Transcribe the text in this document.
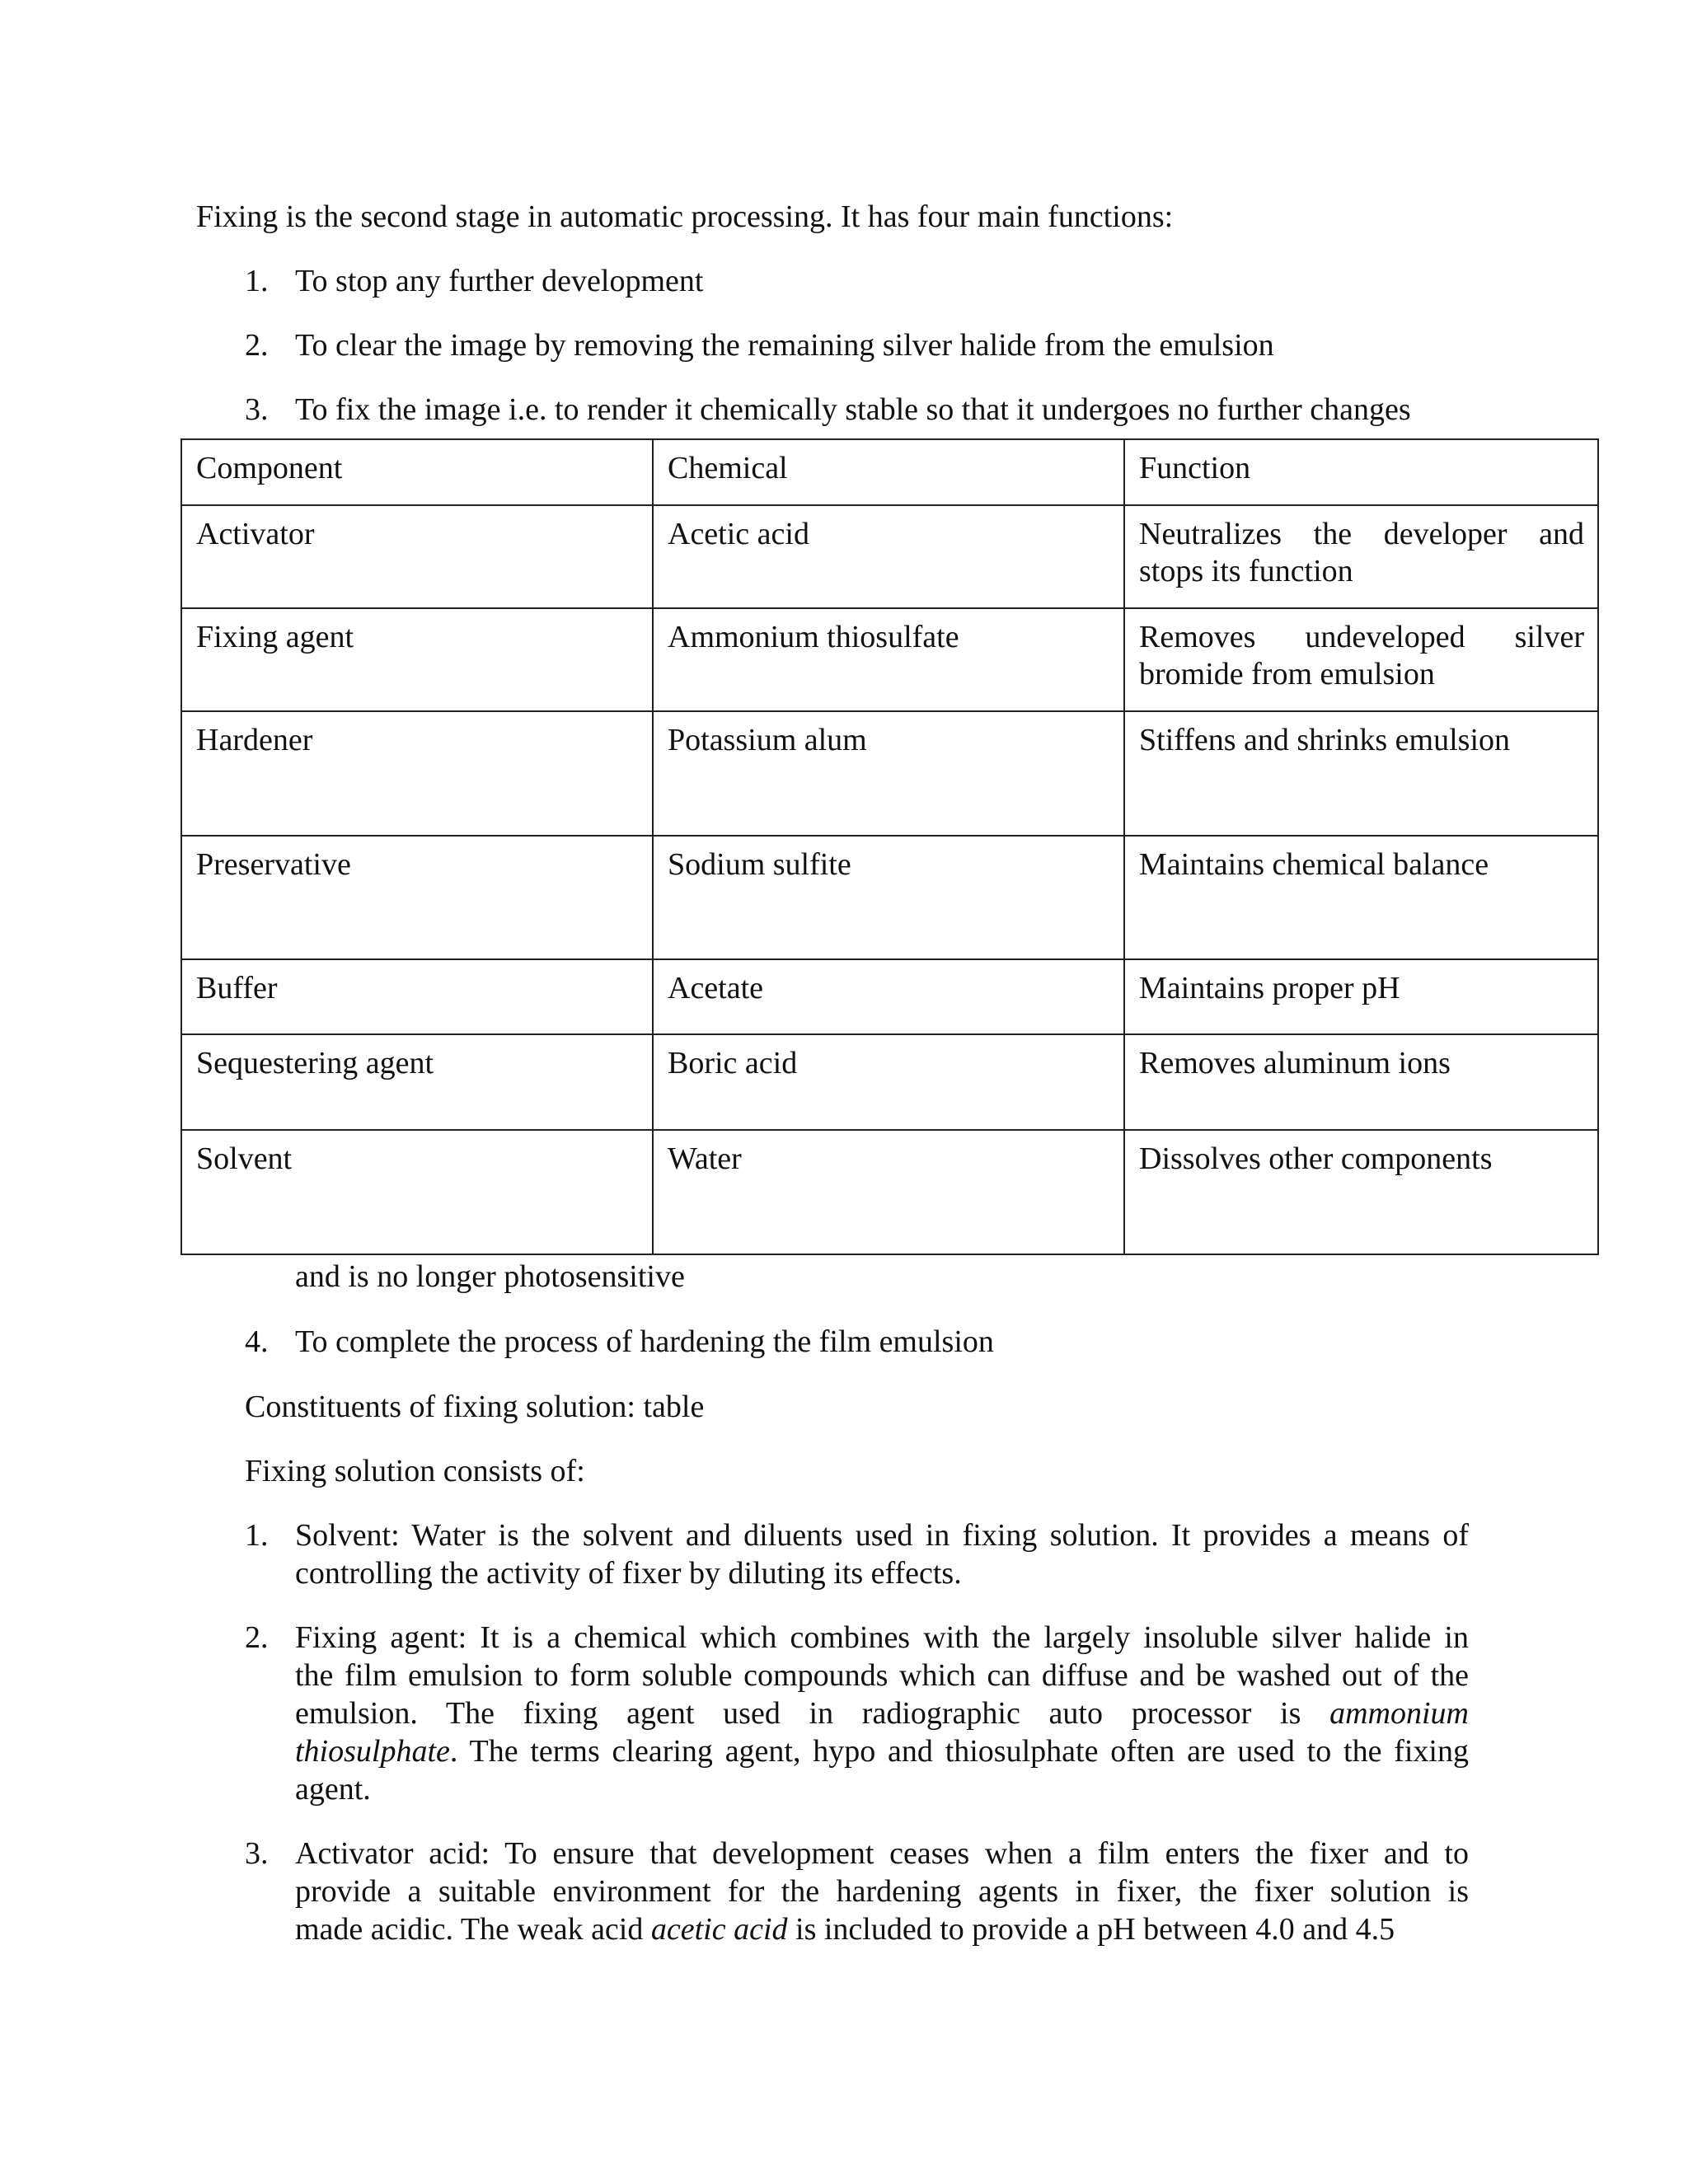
Fixing is the second stage in automatic processing. It has four main functions:
1. To stop any further development
2. To clear the image by removing the remaining silver halide from the emulsion
3. To fix the image i.e. to render it chemically stable so that it undergoes no further changes
Component	Chemical	Function
Activator	Acetic acid	Neutralizes the developer and
stops its function

Fixing agent	Ammonium thiosulfate	Removes undeveloped silver
bromide from emulsion

Hardener	Potassium alum	Stiffens and shrinks emulsion
Preservative	Sodium sulfite	Maintains chemical balance
Buffer	Acetate	Maintains proper pH
Sequestering agent	Boric acid	Removes aluminum ions
Solvent	Water	Dissolves other components
and is no longer photosensitive
4. To complete the process of hardening the film emulsion
Constituents of fixing solution: table
Fixing solution consists of:
1. Solvent: Water is the solvent and diluents used in fixing solution. It provides a means of
controlling the activity of fixer by diluting its effects.
2. Fixing agent: It is a chemical which combines with the largely insoluble silver halide in
the film emulsion to form soluble compounds which can diffuse and be washed out of the
emulsion. The fixing agent used in radiographic auto processor is ammonium
thiosulphate. The terms clearing agent, hypo and thiosulphate often are used to the fixing
agent.
3. Activator acid: To ensure that development ceases when a film enters the fixer and to
provide a suitable environment for the hardening agents in fixer, the fixer solution is
made acidic. The weak acid acetic acid is included to provide a pH between 4.0 and 4.5
